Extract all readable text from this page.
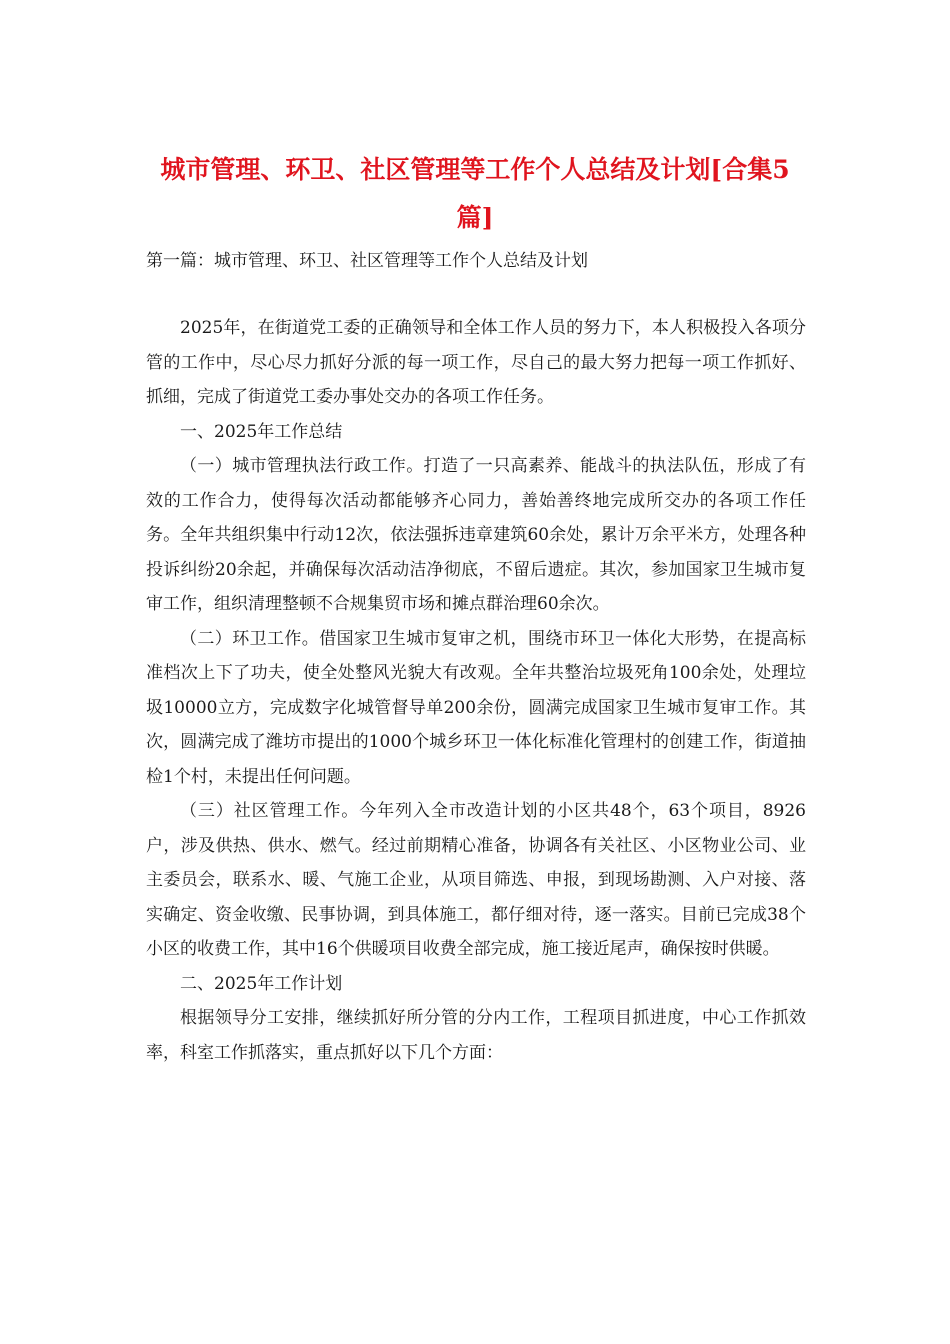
城市管理、环卫、社区管理等工作个人总结及计划[合集5篇]

第一篇：城市管理、环卫、社区管理等工作个人总结及计划

2025年，在街道党工委的正确领导和全体工作人员的努力下，本人积极投入各项分管的工作中，尽心尽力抓好分派的每一项工作，尽自己的最大努力把每一项工作抓好、抓细，完成了街道党工委办事处交办的各项工作任务。

一、2025年工作总结

（一）城市管理执法行政工作。打造了一只高素养、能战斗的执法队伍，形成了有效的工作合力，使得每次活动都能够齐心同力，善始善终地完成所交办的各项工作任务。全年共组织集中行动12次，依法强拆违章建筑60余处，累计万余平米方，处理各种投诉纠纷20余起，并确保每次活动洁净彻底，不留后遗症。其次，参加国家卫生城市复审工作，组织清理整顿不合规集贸市场和摊点群治理60余次。

（二）环卫工作。借国家卫生城市复审之机，围绕市环卫一体化大形势，在提高标准档次上下了功夫，使全处整风光貌大有改观。全年共整治垃圾死角100余处，处理垃圾10000立方，完成数字化城管督导单200余份，圆满完成国家卫生城市复审工作。其次，圆满完成了潍坊市提出的1000个城乡环卫一体化标准化管理村的创建工作，街道抽检1个村，未提出任何问题。

（三）社区管理工作。今年列入全市改造计划的小区共48个，63个项目，8926户，涉及供热、供水、燃气。经过前期精心准备，协调各有关社区、小区物业公司、业主委员会，联系水、暖、气施工企业，从项目筛选、申报，到现场勘测、入户对接、落实确定、资金收缴、民事协调，到具体施工，都仔细对待，逐一落实。目前已完成38个小区的收费工作，其中16个供暖项目收费全部完成，施工接近尾声，确保按时供暖。

二、2025年工作计划

根据领导分工安排，继续抓好所分管的分内工作，工程项目抓进度，中心工作抓效率，科室工作抓落实，重点抓好以下几个方面：
